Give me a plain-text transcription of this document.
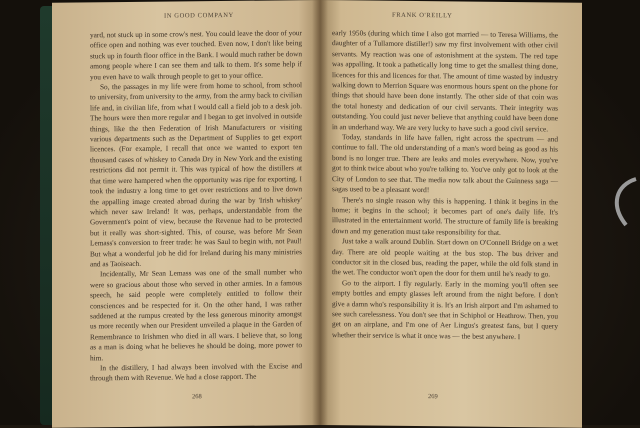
IN GOOD COMPANY

yard, not stuck up in some crow's nest. You could leave the door of your office open and nothing was ever touched. Even now, I don't like being stuck up in fourth floor office in the Bank. I would much rather be down among people where I can see them and talk to them. It's some help if you even have to walk through people to get to your office.

So, the passages in my life were from home to school, from school to university, from university to the army, from the army back to civilian life and, in civilian life, from what I would call a field job to a desk job. The hours were then more regular and I began to get involved in outside things, like the then Federation of Irish Manufacturers or visiting various departments such as the Department of Supplies to get export licences. (For example, I recall that once we wanted to export ten thousand cases of whiskey to Canada Dry in New York and the existing restrictions did not permit it. This was typical of how the distillers at that time were hampered when the opportunity was ripe for exporting. I took the industry a long time to get over restrictions and to live down the appalling image created abroad during the war by 'Irish whiskey' which never saw Ireland! It was, perhaps, understandable from the Government's point of view, because the Revenue had to be protected but it really was short-sighted. This, of course, was before Mr Sean Lemass's conversion to freer trade: he was Saul to begin with, not Paul! But what a wonderful job he did for Ireland during his many ministries and as Taoiseach.

Incidentally, Mr Sean Lemass was one of the small number who were so gracious about those who served in other armies. In a famous speech, he said people were completely entitled to follow their consciences and be respected for it. On the other hand, I was rather saddened at the rumpus created by the less generous minority amongst us more recently when our President unveiled a plaque in the Garden of Remembrance to Irishmen who died in all wars. I believe that, so long as a man is doing what he believes he should be doing, more power to him.

In the distillery, I had always been involved with the Excise and through them with Revenue. We had a close rapport. The

268
FRANK O'REILLY

early 1950s (during which time I also got married — to Teresa Williams, the daughter of a Tullamore distiller!) saw my first involvement with other civil servants. My reaction was one of astonishment at the system. The red tape was appalling. It took a pathetically long time to get the smallest thing done, licences for this and licences for that. The amount of time wasted by industry walking down to Merrion Square was enormous hours spent on the phone for things that should have been done instantly. The other side of that coin was the total honesty and dedication of our civil servants. Their integrity was outstanding. You could just never believe that anything could have been done in an underhand way. We are very lucky to have such a good civil service.

Today, standards in life have fallen, right across the spectrum — and continue to fall. The old understanding of a man's word being as good as his bond is no longer true. There are leaks and moles everywhere. Now, you've got to think twice about who you're talking to. You've only got to look at the City of London to see that. The media now talk about the Guinness saga — sagas used to be a pleasant word!

There's no single reason why this is happening. I think it begins in the home; it begins in the school; it becomes part of one's daily life. It's illustrated in the entertainment world. The structure of family life is breaking down and my generation must take responsibility for that.

Just take a walk around Dublin. Start down on O'Connell Bridge on a wet day. There are old people waiting at the bus stop. The bus driver and conductor sit in the closed bus, reading the paper, while the old folk stand in the wet. The conductor won't open the door for them until he's ready to go.

Go to the airport. I fly regularly. Early in the morning you'll often see empty bottles and empty glasses left around from the night before. I don't give a damn who's responsibility it is. It's an Irish airport and I'm ashamed to see such carelessness. You don't see that in Schiphol or Heathrow. Then, you get on an airplane, and I'm one of Aer Lingus's greatest fans, but I query whether their service is what it once was — the best anywhere. I

269
